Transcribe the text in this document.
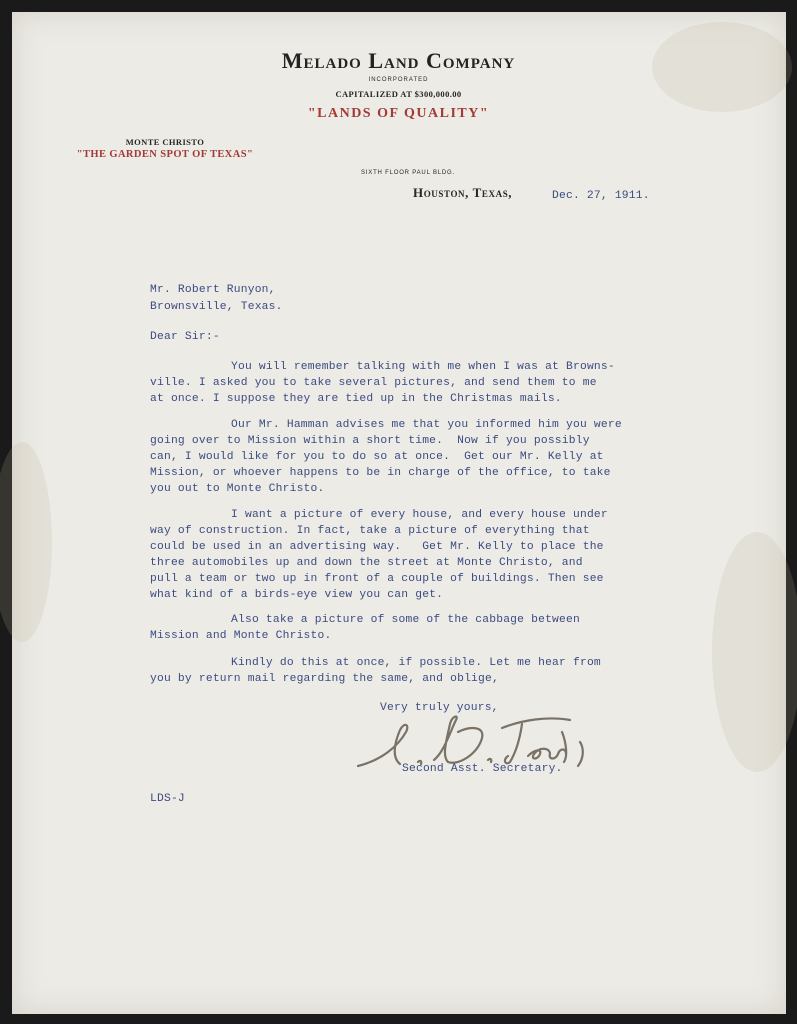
Melado Land Company
INCORPORATED
CAPITALIZED AT $300,000.00
"LANDS OF QUALITY"
MONTE CHRISTO
"THE GARDEN SPOT OF TEXAS"
SIXTH FLOOR PAUL BLDG.
Houston, Texas,	Dec. 27, 1911.
Mr. Robert Runyon,
Brownsville, Texas.
Dear Sir:-
You will remember talking with me when I was at Browns-
ville. I asked you to take several pictures, and send them to me
at once. I suppose they are tied up in the Christmas mails.
Our Mr. Hamman advises me that you informed him you were
going over to Mission within a short time.  Now if you possibly
can, I would like for you to do so at once.  Get our Mr. Kelly at
Mission, or whoever happens to be in charge of the office, to take
you out to Monte Christo.
I want a picture of every house, and every house under
way of construction. In fact, take a picture of everything that
could be used in an advertising way.   Get Mr. Kelly to place the
three automobiles up and down the street at Monte Christo, and
pull a team or two up in front of a couple of buildings. Then see
what kind of a birds-eye view you can get.
Also take a picture of some of the cabbage between
Mission and Monte Christo.
Kindly do this at once, if possible. Let me hear from
you by return mail regarding the same, and oblige,
Very truly yours,
Second Asst. Secretary.
LDS-J
